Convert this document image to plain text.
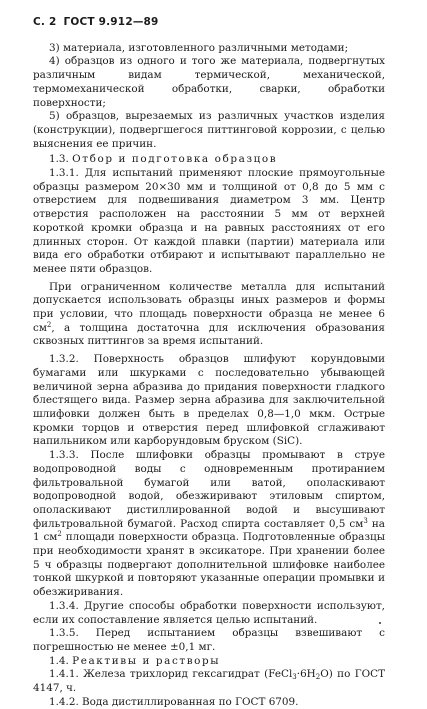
С. 2 ГОСТ 9.912—89

3) материала, изготовленного различными методами;

4) образцов из одного и того же материала, подвергнутых различным видам термической, механической, термомеханической обработки, сварки, обработки поверхности;

5) образцов, вырезаемых из различных участков изделия (конструкции), подвергшегося питтинговой коррозии, с целью выяснения ее причин.

1.3. Отбор и подготовка образцов

1.3.1. Для испытаний применяют плоские прямоугольные образцы размером 20×30 мм и толщиной от 0,8 до 5 мм с отверстием для подвешивания диаметром 3 мм. Центр отверстия расположен на расстоянии 5 мм от верхней короткой кромки образца и на равных расстояниях от его длинных сторон. От каждой плавки (партии) материала или вида его обработки отбирают и испытывают параллельно не менее пяти образцов.

При ограниченном количестве металла для испытаний допускается использовать образцы иных размеров и формы при условии, что площадь поверхности образца не менее 6 $см^2$, а толщина достаточна для исключения образования сквозных питтингов за время испытаний.

1.3.2. Поверхность образцов шлифуют корундовыми бумагами или шкурками с последовательно убывающей величиной зерна абразива до придания поверхности гладкого блестящего вида. Размер зерна абразива для заключительной шлифовки должен быть в пределах 0,8—1,0 мкм. Острые кромки торцов и отверстия перед шлифовкой сглаживают напильником или карборундовым бруском (SiC).

1.3.3. После шлифовки образцы промывают в струе водопроводной воды с одновременным протиранием фильтровальной бумагой или ватой, ополаскивают водопроводной водой, обезжиривают этиловым спиртом, ополаскивают дистиллированной водой и высушивают фильтровальной бумагой. Расход спирта составляет 0,5 $см^3$ на 1 $см^2$ площади поверхности образца. Подготовленные образцы при необходимости хранят в эксикаторе. При хранении более 5 ч образцы подвергают дополнительной шлифовке наиболее тонкой шкуркой и повторяют указанные операции промывки и обезжиривания.

1.3.4. Другие способы обработки поверхности используют, если их сопоставление является целью испытаний.

1.3.5. Перед испытанием образцы взвешивают с погрешностью не менее ±0,1 мг.

1.4. Реактивы и растворы

1.4.1. Железа трихлорид гексагидрат $(FeCl_3\cdot 6H_2O)$ по ГОСТ 4147, ч.

1.4.2. Вода дистиллированная по ГОСТ 6709.
